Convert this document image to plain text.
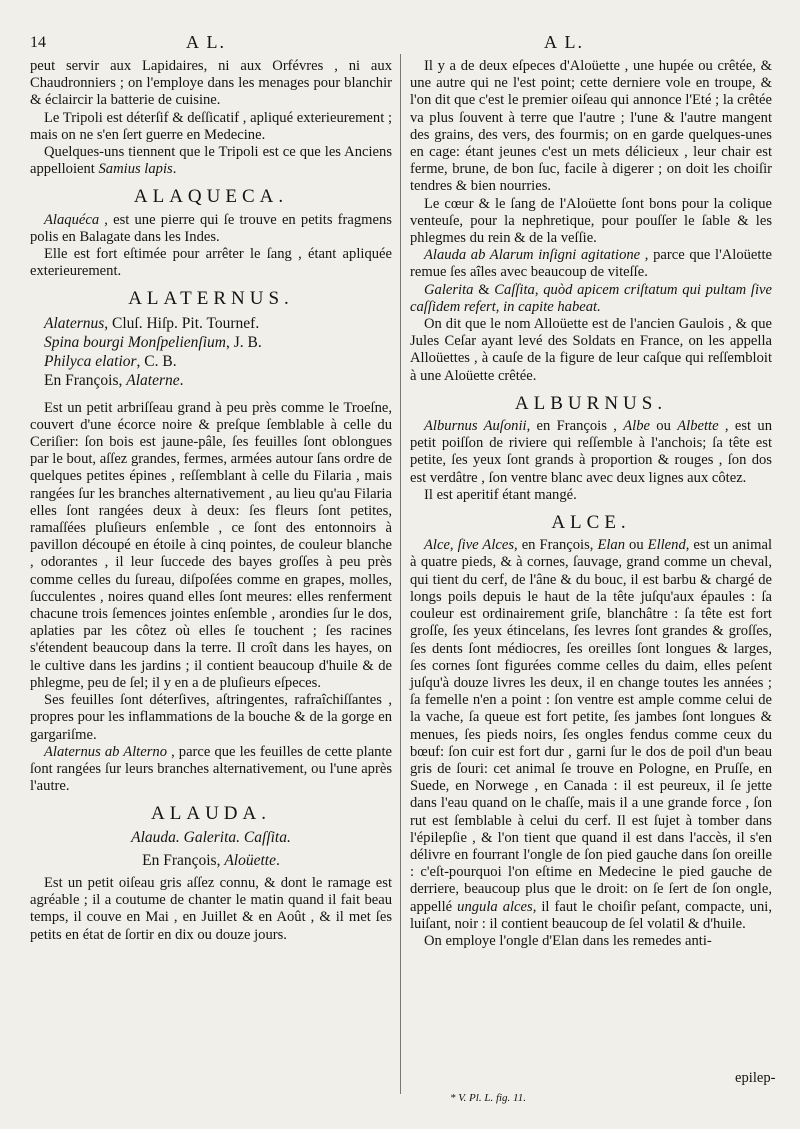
14	A L.	A L.

peut servir aux Lapidaires, ni aux Orfévres , ni aux Chaudronniers ; on l'employe dans les menages pour blanchir & éclaircir la batterie de cuisine.

Le Tripoli est déterſif & deſſicatif , apliqué exterieurement ; mais on ne s'en ſert guerre en Medecine.

Quelques-uns tiennent que le Tripoli est ce que les Anciens appelloient Samius lapis.

ALAQUECA.

Alaquéca , est une pierre qui ſe trouve en petits fragmens polis en Balagate dans les Indes.

Elle est fort eſtimée pour arrêter le ſang , étant apliquée exterieurement.

ALATERNUS.
Alaternus, Cluſ. Hiſp. Pit. Tournef.
Spina bourgi Monſpelienſium, J. B.
Philyca elatior, C. B.
En François, Alaterne.

Est un petit arbriſſeau grand à peu près comme le Troeſne, couvert d'une écorce noire & preſque ſemblable à celle du Ceriſier: ſon bois est jaune-pâle, ſes feuilles ſont oblongues par le bout, aſſez grandes, fermes, armées autour ſans ordre de quelques petites épines , reſſemblant à celle du Filaria , mais rangées ſur les branches alternativement , au lieu qu'au Filaria elles ſont rangées deux à deux: ſes fleurs ſont petites, ramaſſées pluſieurs enſemble , ce ſont des entonnoirs à pavillon découpé en étoile à cinq pointes, de couleur blanche , odorantes , il leur ſuccede des bayes groſſes à peu près comme celles du ſureau, diſpoſées comme en grapes, molles, ſucculentes , noires quand elles ſont meures: elles renferment chacune trois ſemences jointes enſemble , arondies ſur le dos, aplaties par les côtez où elles ſe touchent ; ſes racines s'étendent beaucoup dans la terre. Il croît dans les hayes, on le cultive dans les jardins ; il contient beaucoup d'huile & de phlegme, peu de ſel; il y en a de pluſieurs eſpeces.

Ses feuilles ſont déterſives, aſtringentes, rafraîchiſſantes , propres pour les inflammations de la bouche & de la gorge en gargariſme.

Alaternus ab Alterno , parce que les feuilles de cette plante ſont rangées ſur leurs branches alternativement, ou l'une après l'autre.

ALAUDA.
Alauda. Galerita. Caſſita.
En François, Aloüette.

Est un petit oiſeau gris aſſez connu, & dont le ramage est agréable ; il a coutume de chanter le matin quand il fait beau temps, il couve en Mai , en Juillet & en Août , & il met ſes petits en état de ſortir en dix ou douze jours.

Il y a de deux eſpeces d'Aloüette , une hupée ou crêtée, & une autre qui ne l'est point; cette derniere vole en troupe, & l'on dit que c'est le premier oiſeau qui annonce l'Eté ; la crêtée va plus ſouvent à terre que l'autre ; l'une & l'autre mangent des grains, des vers, des fourmis; on en garde quelques-unes en cage: étant jeunes c'est un mets délicieux , leur chair est ferme, brune, de bon ſuc, facile à digerer ; on doit les choiſir tendres & bien nourries.

Le cœur & le ſang de l'Aloüette ſont bons pour la colique venteuſe, pour la nephretique, pour pouſſer le ſable & les phlegmes du rein & de la veſſie.

Alauda ab Alarum inſigni agitatione , parce que l'Aloüette remue ſes aîles avec beaucoup de viteſſe.

Galerita & Caſſita, quòd apicem criſtatum qui pultam ſive caſſidem refert, in capite habeat.

On dit que le nom Alloüette est de l'ancien Gaulois , & que Jules Ceſar ayant levé des Soldats en France, on les appella Alloüettes , à cauſe de la figure de leur caſque qui reſſembloit à une Aloüette crêtée.

ALBURNUS.

Alburnus Auſonii, en François , Albe ou Albette , est un petit poiſſon de riviere qui reſſemble à l'anchois; ſa tête est petite, ſes yeux ſont grands à proportion & rouges , ſon dos est verdâtre , ſon ventre blanc avec deux lignes aux côtez.

Il est aperitif étant mangé.

ALCE.

Alce, ſive Alces, en François, Elan ou Ellend, est un animal à quatre pieds, & à cornes, ſauvage, grand comme un cheval, qui tient du cerf, de l'âne & du bouc, il est barbu & chargé de longs poils depuis le haut de la tête juſqu'aux épaules : ſa couleur est ordinairement griſe, blanchâtre : ſa tête est fort groſſe, ſes yeux étincelans, ſes levres ſont grandes & groſſes, ſes dents ſont médiocres, ſes oreilles ſont longues & larges, ſes cornes ſont figurées comme celles du daim, elles peſent juſqu'à douze livres les deux, il en change toutes les années ; ſa femelle n'en a point : ſon ventre est ample comme celui de la vache, ſa queue est fort petite, ſes jambes ſont longues & menues, ſes pieds noirs, ſes ongles fendus comme ceux du bœuf: ſon cuir est fort dur , garni ſur le dos de poil d'un beau gris de ſouri: cet animal ſe trouve en Pologne, en Pruſſe, en Suede, en Norwege , en Canada : il est peureux, il ſe jette dans l'eau quand on le chaſſe, mais il a une grande force , ſon rut est ſemblable à celui du cerf. Il est ſujet à tomber dans l'épilepſie , & l'on tient que quand il est dans l'accès, il s'en délivre en fourrant l'ongle de ſon pied gauche dans ſon oreille : c'eſt-pourquoi l'on eſtime en Medecine le pied gauche de derriere, beaucoup plus que le droit: on ſe ſert de ſon ongle, appellé ungula alces, il faut le choiſir peſant, compacte, uni, luiſant, noir : il contient beaucoup de ſel volatil & d'huile.

On employe l'ongle d'Elan dans les remedes anti-

epilep-
* V. Pl. L. fig. 11.
